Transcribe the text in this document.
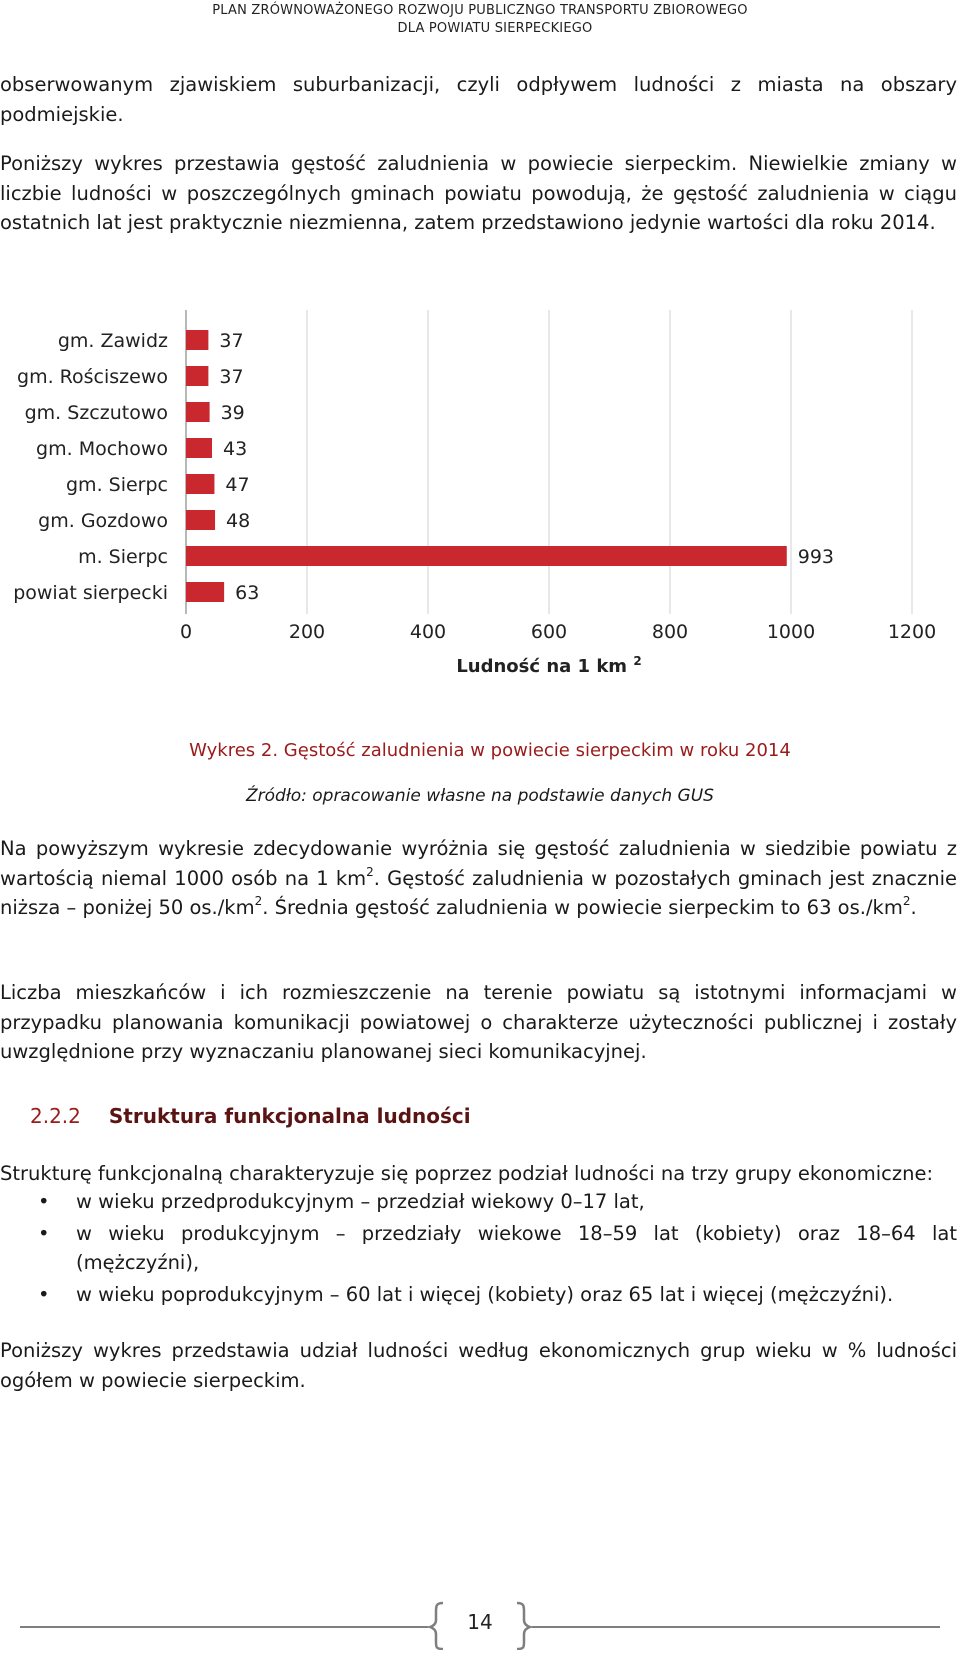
PLAN ZRÓWNOWAŻONEGO ROZWOJU PUBLICZNGO TRANSPORTU ZBIOROWEGO
DLA POWIATU SIERPECKIEGO

obserwowanym zjawiskiem suburbanizacji, czyli odpływem ludności z miasta na obszary podmiejskie.

Poniższy wykres przestawia gęstość zaludnienia w powiecie sierpeckim. Niewielkie zmiany w liczbie ludności w poszczególnych gminach powiatu powodują, że gęstość zaludnienia w ciągu ostatnich lat jest praktycznie niezmienna, zatem przedstawiono jedynie wartości dla roku 2014.

gm. Zawidz	37
gm. Rościszewo	37
gm. Szczutowo	39
gm. Mochowo	43
gm. Sierpc	47
gm. Gozdowo	48
m. Sierpc	993
powiat sierpecki	63
0	200	400	600	800	1000	1200
Ludność na 1 km $^2$
Wykres 2. Gęstość zaludnienia w powiecie sierpeckim w roku 2014
Źródło: opracowanie własne na podstawie danych GUS

Na powyższym wykresie zdecydowanie wyróżnia się gęstość zaludnienia w siedzibie powiatu z wartością niemal 1000 osób na 1 $km^2$. Gęstość zaludnienia w pozostałych gminach jest znacznie niższa – poniżej 50 $os./km^2$. Średnia gęstość zaludnienia w powiecie sierpeckim to 63 $os./km^2$.

Liczba mieszkańców i ich rozmieszczenie na terenie powiatu są istotnymi informacjami w przypadku planowania komunikacji powiatowej o charakterze użyteczności publicznej i zostały uwzględnione przy wyznaczaniu planowanej sieci komunikacyjnej.

2.2.2 Struktura funkcjonalna ludności

Strukturę funkcjonalną charakteryzuje się poprzez podział ludności na trzy grupy ekonomiczne:

• w wieku przedprodukcyjnym – przedział wiekowy 0–17 lat,
• w wieku produkcyjnym – przedziały wiekowe 18–59 lat (kobiety) oraz 18–64 lat (mężczyźni),
• w wieku poprodukcyjnym – 60 lat i więcej (kobiety) oraz 65 lat i więcej (mężczyźni).

Poniższy wykres przedstawia udział ludności według ekonomicznych grup wieku w % ludności ogółem w powiecie sierpeckim.

14
